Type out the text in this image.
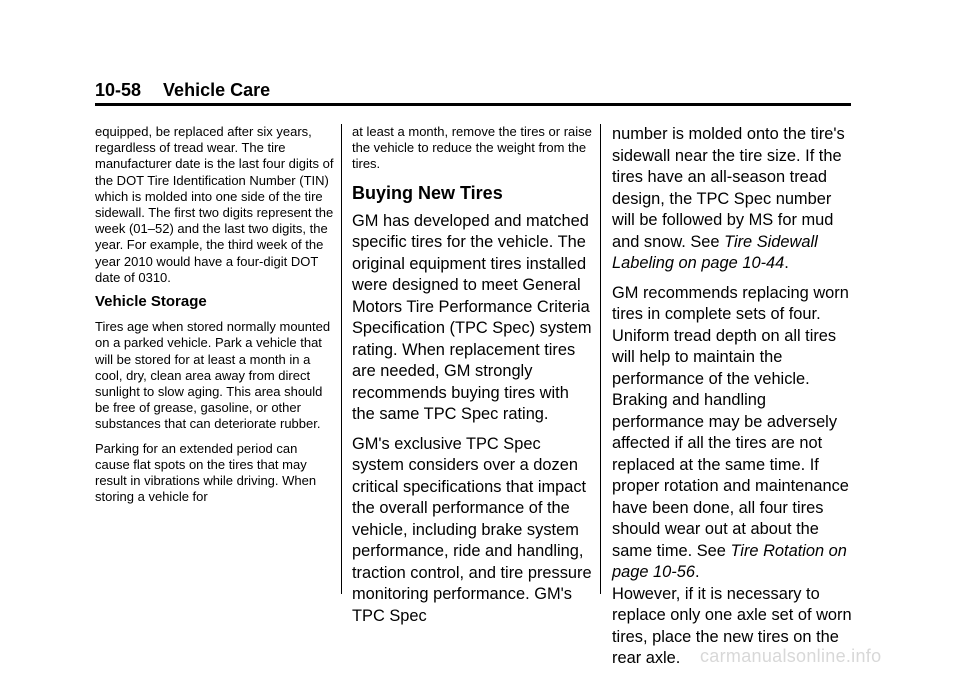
10-58 Vehicle Care

equipped, be replaced after six years, regardless of tread wear. The tire manufacturer date is the last four digits of the DOT Tire Identification Number (TIN) which is molded into one side of the tire sidewall. The first two digits represent the week (01–52) and the last two digits, the year. For example, the third week of the year 2010 would have a four-digit DOT date of 0310.

Vehicle Storage

Tires age when stored normally mounted on a parked vehicle. Park a vehicle that will be stored for at least a month in a cool, dry, clean area away from direct sunlight to slow aging. This area should be free of grease, gasoline, or other substances that can deteriorate rubber.

Parking for an extended period can cause flat spots on the tires that may result in vibrations while driving. When storing a vehicle for

at least a month, remove the tires or raise the vehicle to reduce the weight from the tires.

Buying New Tires

GM has developed and matched specific tires for the vehicle. The original equipment tires installed were designed to meet General Motors Tire Performance Criteria Specification (TPC Spec) system rating. When replacement tires are needed, GM strongly recommends buying tires with the same TPC Spec rating.

GM's exclusive TPC Spec system considers over a dozen critical specifications that impact the overall performance of the vehicle, including brake system performance, ride and handling, traction control, and tire pressure monitoring performance. GM's TPC Spec

number is molded onto the tire's sidewall near the tire size. If the tires have an all-season tread design, the TPC Spec number will be followed by MS for mud and snow. See Tire Sidewall Labeling on page 10-44.

GM recommends replacing worn tires in complete sets of four. Uniform tread depth on all tires will help to maintain the performance of the vehicle. Braking and handling performance may be adversely affected if all the tires are not replaced at the same time. If proper rotation and maintenance have been done, all four tires should wear out at about the same time. See Tire Rotation on page 10-56.

However, if it is necessary to replace only one axle set of worn tires, place the new tires on the rear axle.	carmanualsonline.info
